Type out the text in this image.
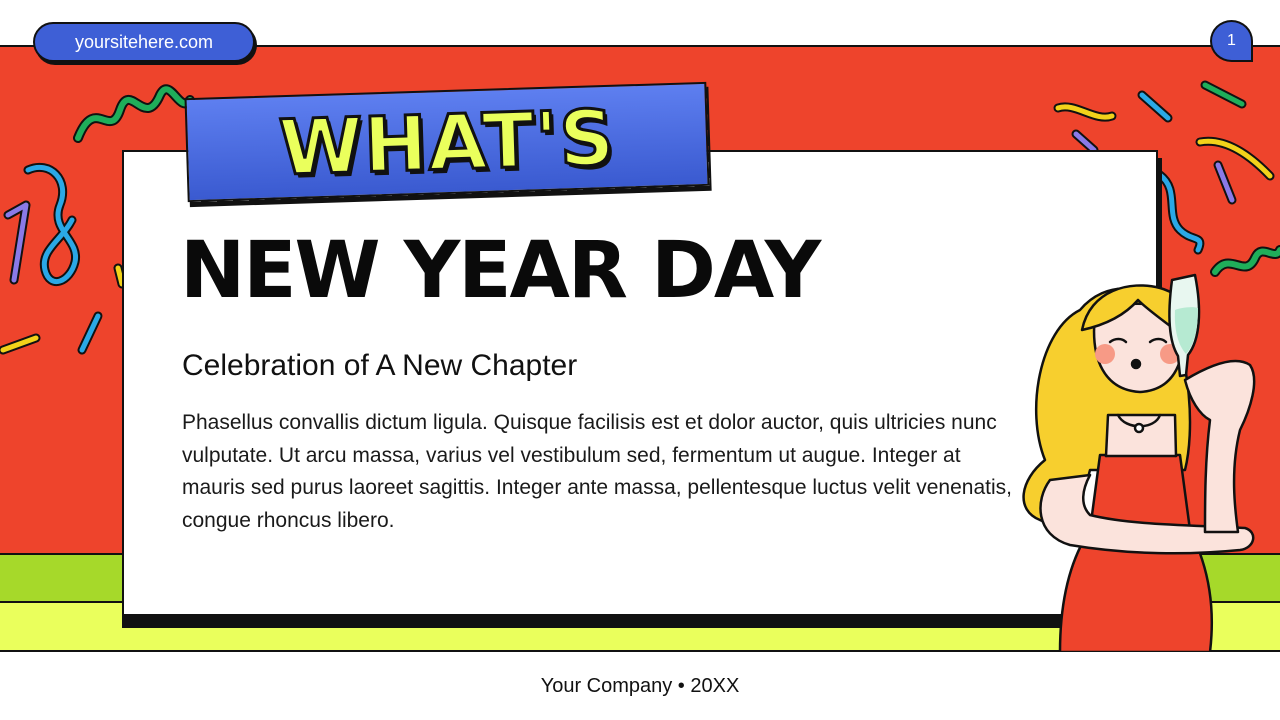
yoursitehere.com	1
WHAT'S
NEW YEAR DAY
Celebration of A New Chapter
Phasellus convallis dictum ligula. Quisque facilisis est et dolor auctor, quis ultricies nunc vulputate. Ut arcu massa, varius vel vestibulum sed, fermentum ut augue. Integer at mauris sed purus laoreet sagittis. Integer ante massa, pellentesque luctus velit venenatis, congue rhoncus libero.
Your Company • 20XX
